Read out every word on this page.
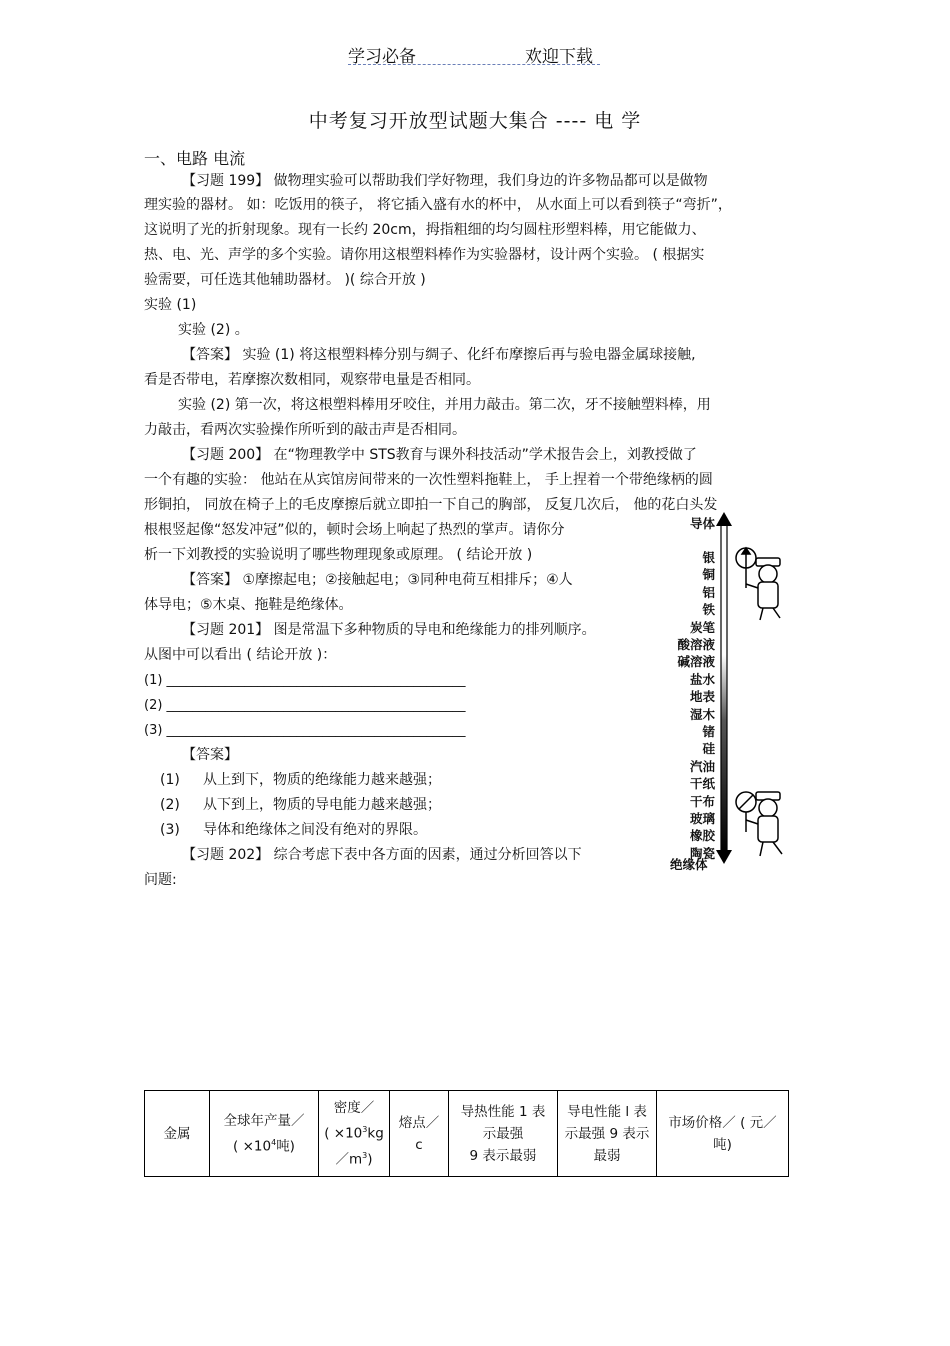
学习必备	欢迎下载
中考复习开放型试题大集合 ---- 电 学
一、电路 电流
【习题 199】 做物理实验可以帮助我们学好物理，我们身边的许多物品都可以是做物
理实验的器材。 如：吃饭用的筷子， 将它插入盛有水的杯中， 从水面上可以看到筷子“弯折”，
这说明了光的折射现象。现有一长约 20cm，拇指粗细的均匀圆柱形塑料棒，用它能做力、
热、电、光、声学的多个实验。请你用这根塑料棒作为实验器材，设计两个实验。 ( 根据实
验需要，可任选其他辅助器材。 )( 综合开放 )
实验 (1)
实验 (2) 。
【答案】 实验 (1) 将这根塑料棒分别与绸子、化纤布摩擦后再与验电器金属球接触,
看是否带电，若摩擦次数相同，观察带电量是否相同。
实验 (2) 第一次，将这根塑料棒用牙咬住，并用力敲击。第二次，牙不接触塑料棒，用
力敲击，看两次实验操作所听到的敲击声是否相同。
【习题 200】 在“物理教学中 STS教育与课外科技活动”学术报告会上，刘教授做了
一个有趣的实验： 他站在从宾馆房间带来的一次性塑料拖鞋上， 手上捏着一个带绝缘柄的圆
形铜拍， 同放在椅子上的毛皮摩擦后就立即拍一下自己的胸部， 反复几次后， 他的花白头发
根根竖起像“怒发冲冠”似的，顿时会场上响起了热烈的掌声。请你分
析一下刘教授的实验说明了哪些物理现象或原理。 ( 结论开放 )
【答案】 ①摩擦起电；②接触起电；③同种电荷互相排斥；④人
体导电；⑤木桌、拖鞋是绝缘体。
【习题 201】 图是常温下多种物质的导电和绝缘能力的排列顺序。
从图中可以看出 ( 结论开放 )：
(1) ______________________________________________
(2) ______________________________________________
(3) ______________________________________________
【答案】
(1) 从上到下，物质的绝缘能力越来越强；
(2) 从下到上，物质的导电能力越来越强；
(3) 导体和绝缘体之间没有绝对的界限。
【习题 202】 综合考虑下表中各方面的因素，通过分析回答以下
问题:
导体
绝缘体
银
铜
铝
铁
炭笔
酸溶液
碱溶液
盐水
地表
湿木
锗
硅
汽油
干纸
干布
玻璃
橡胶
陶瓷
金属	全球年产量／
( $\times 10^4$吨)	密度／
( $\times 10^3kg$
$/m^3$)	熔点／ c	导热性能 1 表
示最强
9 表示最弱	导电性能 l 表
示最强 9 表示
最弱	市场价格／ ( 元／
吨)
